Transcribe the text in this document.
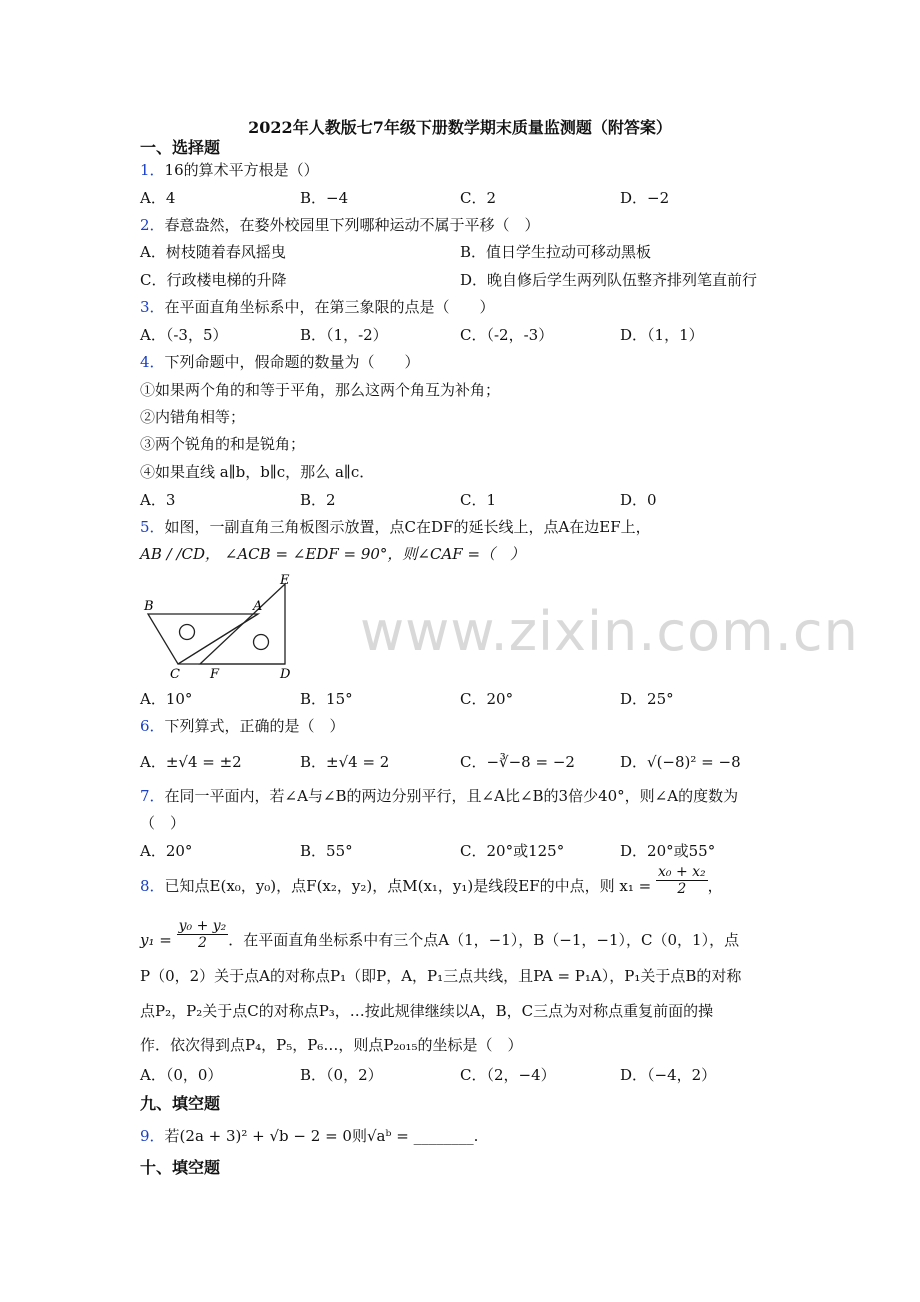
2022年人教版七7年级下册数学期末质量监测题（附答案）
一、选择题
1．16的算术平方根是（）
A．4	B．−4	C．2	D．−2
2．春意盎然，在婺外校园里下列哪种运动不属于平移（　）
A．树枝随着春风摇曳	B．值日学生拉动可移动黑板
C．行政楼电梯的升降	D．晚自修后学生两列队伍整齐排列笔直前行
3．在平面直角坐标系中，在第三象限的点是（　　）
A．（-3，5）	B．（1，-2）	C．（-2，-3）	D．（1，1）
4．下列命题中，假命题的数量为（　　）
①如果两个角的和等于平角，那么这两个角互为补角；
②内错角相等；
③两个锐角的和是锐角；
④如果直线 a∥b，b∥c，那么 a∥c．
A．3	B．2	C．1	D．0
5．如图，一副直角三角板图示放置，点C在DF的延长线上，点A在边EF上，
AB / /CD， ∠ACB = ∠EDF = 90°，则∠CAF =（　）
B	A
E
C F	D
www.zixin.com.cn
A．10°	B．15°	C．20°	D．25°
6．下列算式，正确的是（　）
A．±√4 = ±2	B．±√4 = 2	C．−∛−8 = −2	D．√(−8)² = −8
7．在同一平面内，若∠A与∠B的两边分别平行，且∠A比∠B的3倍少40°，则∠A的度数为
（　）
A．20°	B．55°	C．20°或125°	D．20°或55°
8．已知点E(x₀，y₀)，点F(x₂，y₂)，点M(x₁，y₁)是线段EF的中点，则 $x_1 = \frac{\text{x₀ + x₂}}{2}$ ，
$y_1 = \frac{\text{y₀ + y₂}}{2}$ ．在平面直角坐标系中有三个点A（1，−1），B（−1，−1），C（0，1），点
P（0，2）关于点A的对称点P₁（即P，A，P₁三点共线，且PA = P₁A），P₁关于点B的对称
点P₂，P₂关于点C的对称点P₃，…按此规律继续以A，B，C三点为对称点重复前面的操
作．依次得到点P₄，P₅，P₆…，则点P₂₀₁₅的坐标是（　）
A．（0，0）	B．（0，2）	C．（2，−4）	D．（−4，2）
九、填空题
9．若(2a + 3)² + √b − 2 = 0则√aᵇ = ________.
十、填空题
